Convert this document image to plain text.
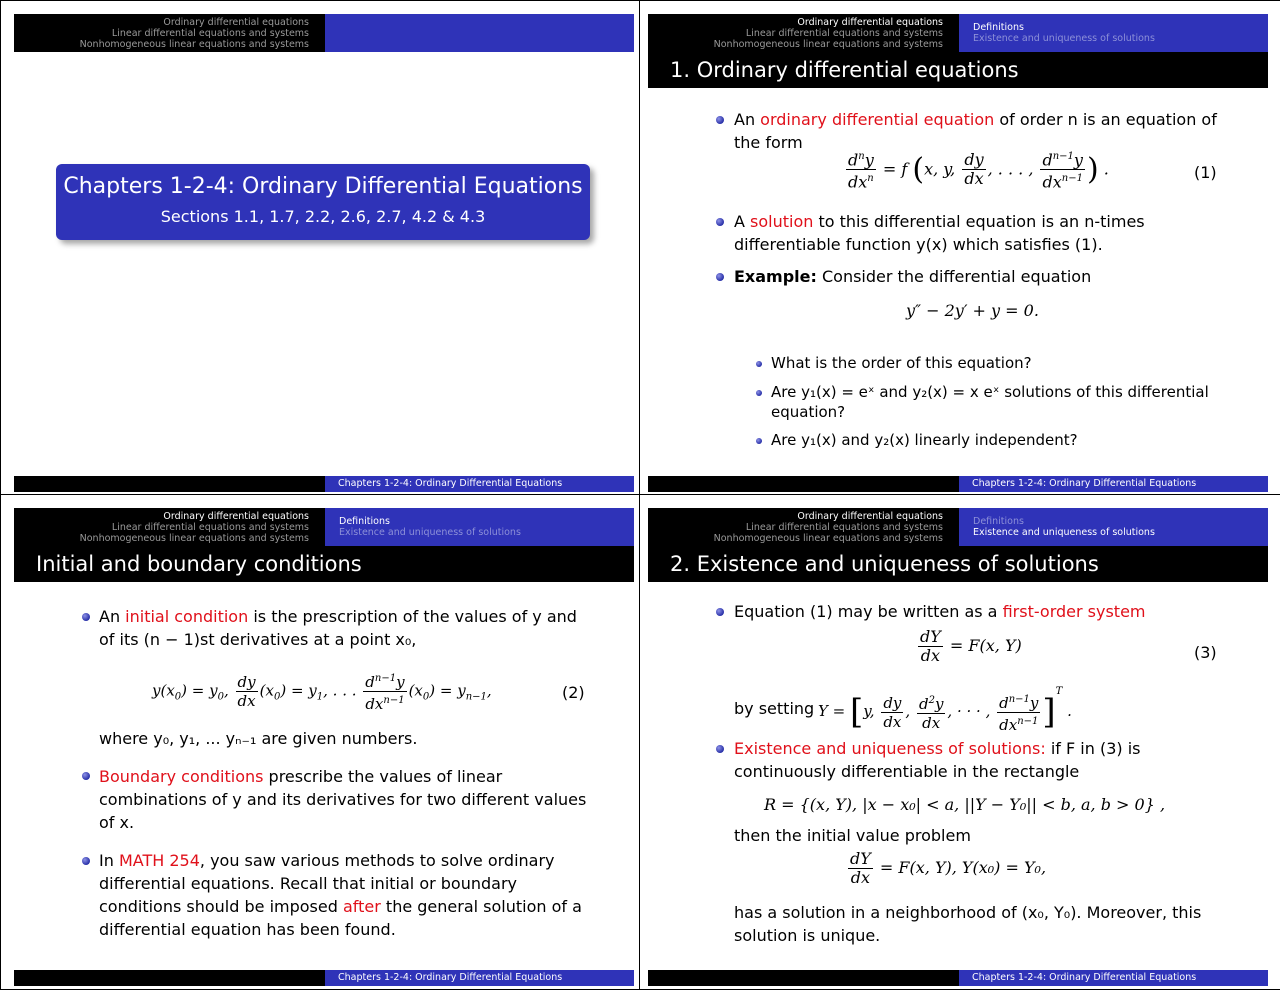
Ordinary differential equations
Linear differential equations and systems
Nonhomogeneous linear equations and systems
Chapters 1-2-4: Ordinary Differential Equations
Sections 1.1, 1.7, 2.2, 2.6, 2.7, 4.2 & 4.3
Chapters 1-2-4: Ordinary Differential Equations
Ordinary differential equations
Linear differential equations and systems
Nonhomogeneous linear equations and systems
Definitions
Existence and uniqueness of solutions
1. Ordinary differential equations
An ordinary differential equation of order n is an equation of
the form
$\frac{d^ny}{dx^n} = f$ (x, y, $\frac{dy}{dx}$ , . . . , $\frac{d^{n-1}y}{dx^{n-1}}$ ) .	(1)
A solution to this differential equation is an n-times
differentiable function y(x) which satisfies (1).
Example: Consider the differential equation
y″ − 2y′ + y = 0.
What is the order of this equation?
Are y₁(x) = eˣ and y₂(x) = x eˣ solutions of this differential
equation?
Are y₁(x) and y₂(x) linearly independent?
Chapters 1-2-4: Ordinary Differential Equations
Ordinary differential equations
Linear differential equations and systems
Nonhomogeneous linear equations and systems
Definitions
Existence and uniqueness of solutions
Initial and boundary conditions
An initial condition is the prescription of the values of y and
of its (n − 1)st derivatives at a point x₀,
$y(x_0) = y_0$, $\frac{dy}{dx} (x_0) = y_1$, . . . $\frac{d^{n-1}y}{dx^{n-1}} (x_0) = y_{n-1}$,	(2)
where y₀, y₁, ... yₙ₋₁ are given numbers.
Boundary conditions prescribe the values of linear
combinations of y and its derivatives for two different values
of x.
In MATH 254, you saw various methods to solve ordinary
differential equations. Recall that initial or boundary
conditions should be imposed after the general solution of a
differential equation has been found.
Chapters 1-2-4: Ordinary Differential Equations
Ordinary differential equations
Linear differential equations and systems
Nonhomogeneous linear equations and systems
Definitions
Existence and uniqueness of solutions
2. Existence and uniqueness of solutions
Equation (1) may be written as a first-order system
$\frac{dY}{dx} = F(x$, Y)	(3)
by setting Y = [y, $\frac{dy}{dx}$ , $\frac{d^2y}{dx}$ , · · · , $\frac{d^{n-1}y}{dx^{n-1}} ]^T$ .
Existence and uniqueness of solutions: if F in (3) is
continuously differentiable in the rectangle
R = {(x, Y), |x − x₀| < a, ||Y − Y₀|| < b, a, b > 0} ,
then the initial value problem
$\frac{dY}{dx} = F(x$, Y), Y(x₀) = Y₀,
has a solution in a neighborhood of (x₀, Y₀). Moreover, this
solution is unique.
Chapters 1-2-4: Ordinary Differential Equations
